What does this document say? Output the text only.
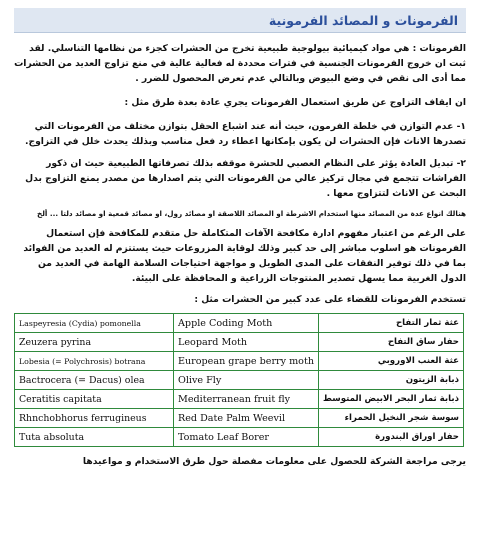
الفرمونات و المصائد الفرمونية

الفرمونات : هي مواد كيميائية بيولوجية طبيعية تخرج من الحشرات كجزء من نظامها التناسلي. لقد ثبت ان خروج الفرمونات الجنسية في فترات محددة له فعالية عالية في منع تزاوج العديد من الحشرات مما أدى الى نقص في وضع البيوض وبالتالي عدم تعرض المحصول للضرر .

ان ايقاف التزاوج عن طريق استعمال الفرمونات يجري عادة بعدة طرق مثل :

١- عدم التوازن في خلطة الفرمون، حيث أنه عند اشباع الحقل بتوازن مختلف من الفرمونات التي تصدرها الاناث فإن الحشرات لن يكون بإمكانها اعطاء رد فعل مناسب وبذلك يحدث خلل في التزاوج.

٢- تبديل العادة يؤثر على النظام العصبي للحشرة موقفه بذلك تصرفاتها الطبيعية حيث ان ذكور الفراشات تتجمع في مجال تركيز عالي من الفرمونات التي يتم اصدارها من مصدر يمنع التزاوج بدل البحث عن الاناث لتتزاوج معها .

هنالك انواع عدة من المصائد منها استخدام الاشرطة او المصائد اللاصقة او مصائد رول، او مصائد قمعية او مصائد دلتا ... ألخ

على الرغم من اعتبار مفهوم ادارة مكافحة الآفات المتكاملة حل متقدم للمكافحة فإن استعمال الفرمونات هو اسلوب مباشر إلى حد كبير وذلك لوقاية المزروعات حيث يستتزم له العديد من الفوائد بما في ذلك توفير النفقات على المدى الطويل و مواجهة احتياجات السلامة الهامة في العديد من الدول الغربية مما يسهل تصدير المنتوجات الزراعية و المحافظة على البيئة.

تستخدم الفرمونات للقضاء على عدد كبير من الحشرات مثل :

Laspeyresia (Cydia) pomonella	Apple Coding Moth	عثة ثمار التفاح
Zeuzera pyrina	Leopard Moth	حفار ساق التفاح
Lobesia (= Polychrosis) botrana	European grape berry moth	عثة العنب الاوروبي
Bactrocera (= Dacus) olea	Olive Fly	ذبابة الزيتون
Ceratitis capitata	Mediterranean fruit fly	ذبابة ثمار البحر الابيض المتوسط
Rhnchobhorus ferrugineus	Red Date Palm Weevil	سوسة شجر النخيل الحمراء
Tuta absoluta	Tomato Leaf Borer	حفار اوراق البندورة

يرجى مراجعة الشركة للحصول على معلومات مفصلة حول طرق الاستخدام و مواعيدها
